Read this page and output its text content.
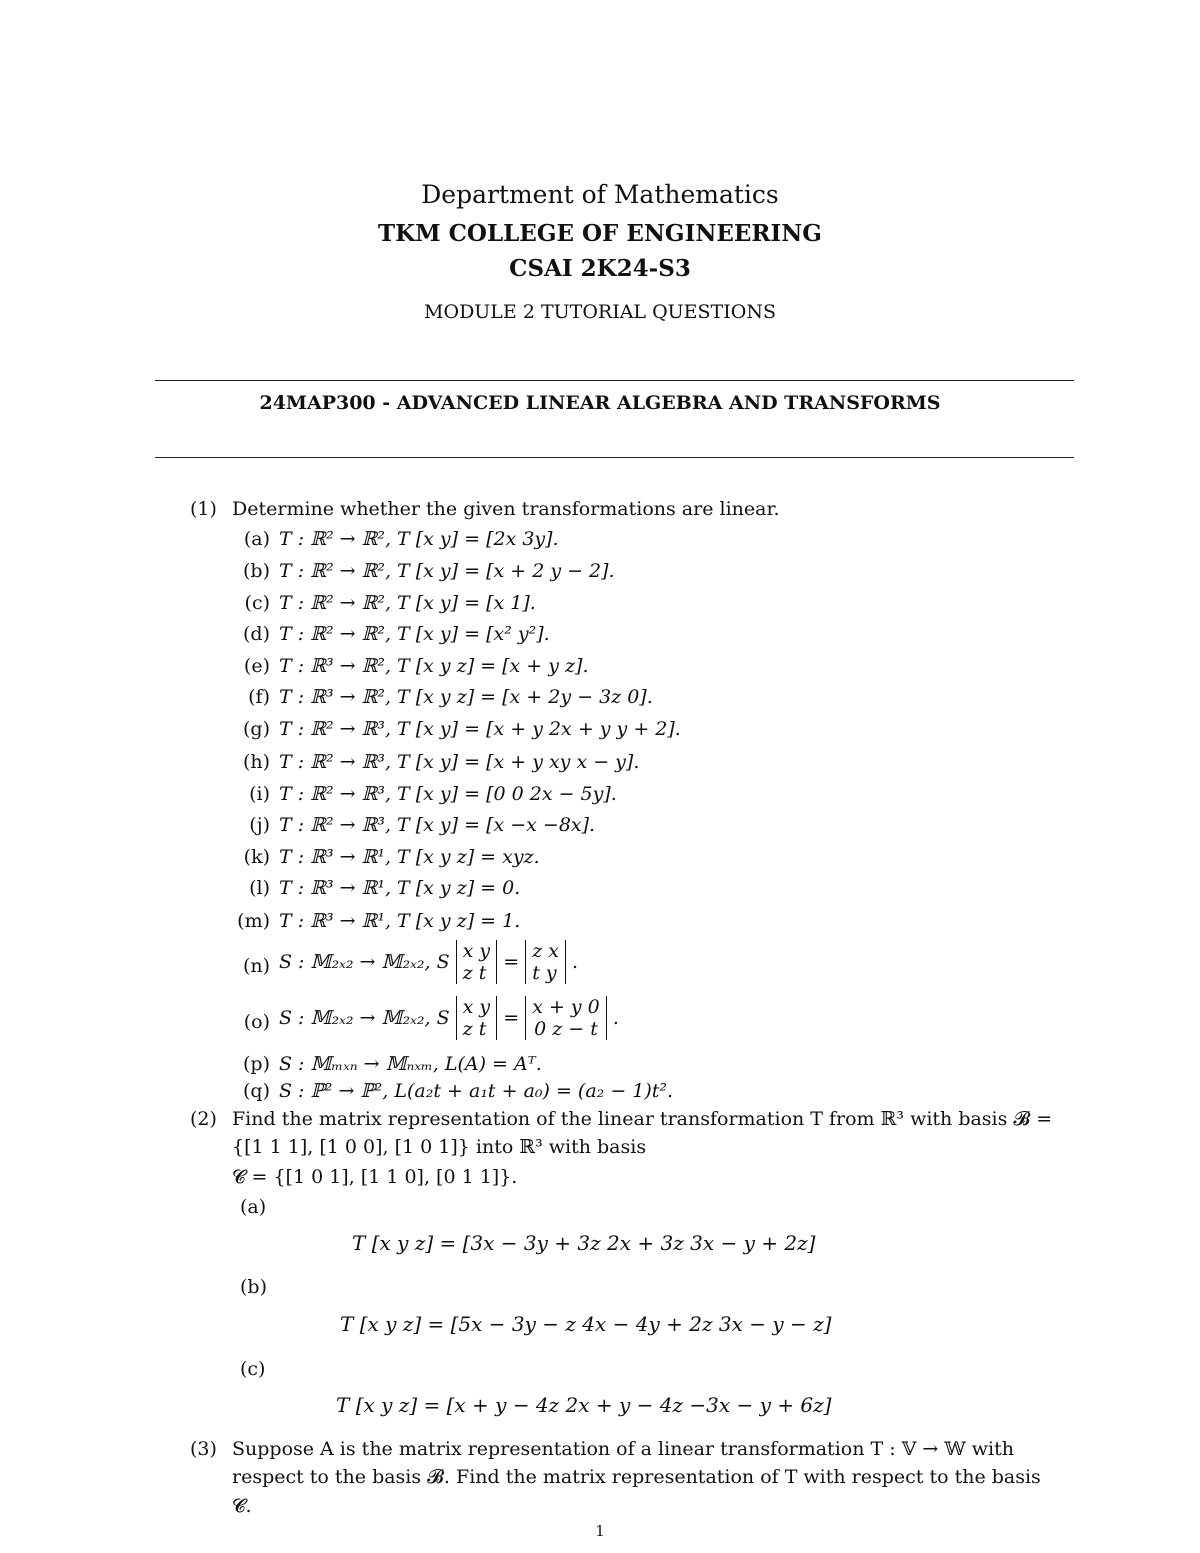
Department of Mathematics
TKM COLLEGE OF ENGINEERING
CSAI 2K24-S3
MODULE 2 TUTORIAL QUESTIONS
24MAP300 - ADVANCED LINEAR ALGEBRA AND TRANSFORMS
(1) Determine whether the given transformations are linear.
(a) T : ℝ² → ℝ², T [x y] = [2x 3y].
(b) T : ℝ² → ℝ², T [x y] = [x + 2 y − 2].
(c) T : ℝ² → ℝ², T [x y] = [x 1].
(d) T : ℝ² → ℝ², T [x y] = [x² y²].
(e) T : ℝ³ → ℝ², T [x y z] = [x + y z].
(f) T : ℝ³ → ℝ², T [x y z] = [x + 2y − 3z 0].
(g) T : ℝ² → ℝ³, T [x y] = [x + y 2x + y y + 2].
(h) T : ℝ² → ℝ³, T [x y] = [x + y xy x − y].
(i) T : ℝ² → ℝ³, T [x y] = [0 0 2x − 5y].
(j) T : ℝ² → ℝ³, T [x y] = [x −x −8x].
(k) T : ℝ³ → ℝ¹, T [x y z] = xyz.
(l) T : ℝ³ → ℝ¹, T [x y z] = 0.
(m) T : ℝ³ → ℝ¹, T [x y z] = 1.
(n) S : 𝕄₂ₓ₂ → 𝕄₂ₓ₂, S x y
z t = z x
t y .
(o) S : 𝕄₂ₓ₂ → 𝕄₂ₓ₂, S x y
z t = x + y 0
0 z − t .
(p) S : 𝕄ₘₓₙ → 𝕄ₙₓₘ, L(A) = Aᵀ.
(q) S : ℙ² → ℙ², L(a₂t + a₁t + a₀) = (a₂ − 1)t².
(2) Find the matrix representation of the linear transformation T from ℝ³ with basis 𝓑 =
{[1 1 1], [1 0 0], [1 0 1]} into ℝ³ with basis
𝓒 = {[1 0 1], [1 1 0], [0 1 1]}.
(a)
T [x y z] = [3x − 3y + 3z 2x + 3z 3x − y + 2z]
(b)
T [x y z] = [5x − 3y − z 4x − 4y + 2z 3x − y − z]
(c)
T [x y z] = [x + y − 4z 2x + y − 4z −3x − y + 6z]
(3) Suppose A is the matrix representation of a linear transformation T : 𝕍 → 𝕎 with
respect to the basis 𝓑. Find the matrix representation of T with respect to the basis
𝓒.
1
